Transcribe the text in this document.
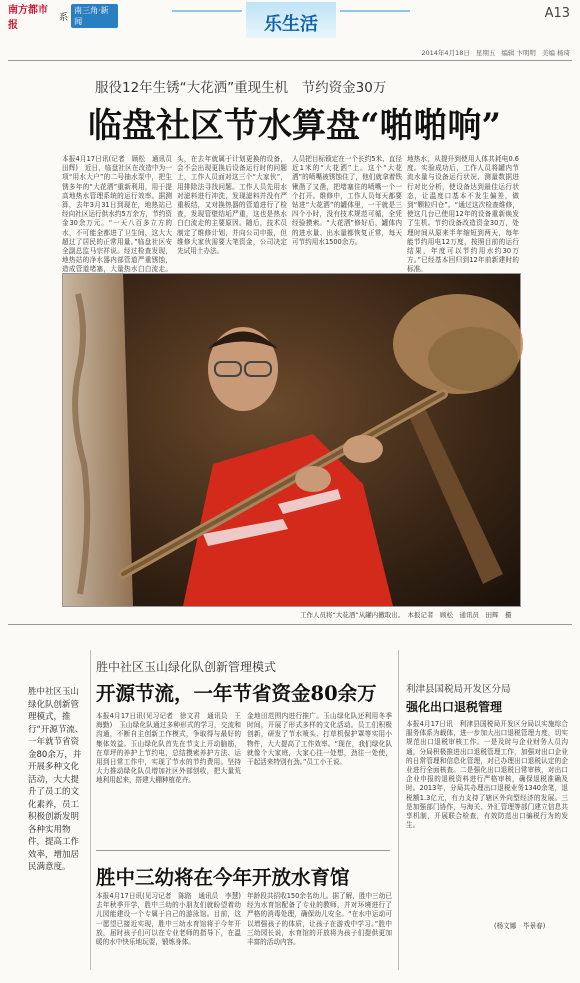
南方都市报
系
南三角·新闻	乐生活
A13
2014年4月18日 星期五 编辑 卞明明 美编 杨琦
服役12年生锈“大花洒”重现生机　节约资金30万
临盘社区节水算盘“啪啪响”
本报4月17日讯(记者　顾松　通讯员　田辉)　近日，临盘社区在改造中为一项“用水大户”的二号抽水泵中，把生锈多年的“大花洒”重新利用，用于提高地热水管理系统的运行效率。据测算，去年3月31日到现在，地热站已经向社区运行供水约5万余方，节约资金30余万元。“一天八百多立方的水，不可能全都进了卫生间，这大大超过了居民的正常用量。”临盘社区安全副总监马宗祥说。经过检查发现，地热站的净水器内部管道严重锈蚀，造成管道堵塞，大量热水白白流走。
头，在去年就属于计划更换的设备，会不会出现更换后设备运行时的问题上，工作人员面对这三个“大家伙”，用排除法寻找问题。工作人员先用水对滤料进行冲洗，发现滤料并没有严重板结，又对换热器的管道进行了检查，发现管壁结垢严重，这也是热水白白流走的主要原因。随后，技术员制定了维修计划，并向公司申报，但维修大家伙需要大笔资金，公司决定先试用土办法。
人员把目标锁定在一个长约5米、直径近1米的“大花洒”上。这个“大花洒”的喷嘴被锈蚀住了，他们就拿着铁锹凿了又凿，把堵塞住的喷嘴一个一个打开。维修中，工作人员每天都要钻进“大花洒”的罐体里，一干就是三四个小时，没有技术规范可循，全凭经验摸索。“大花洒”修好后，罐体内的进水量、出水量都恢复正常，每天可节约用水1500余方。
地热水，从提升到使用人体共耗电0.6度。实验成功后，工作人员将罐内节流水量与设备运行状况、测量数据进行对比分析，使设备达到最佳运行状态，让温度口基本不发生偏差，做到“颗粒归仓”。“通过这次检查维修，使这几台已使用12年的设备重新焕发了生机。节约设备改造资金30万，处理时间从原来半年缩短到两天，每年能节约用电12万度，按照目前的运行结果，年度可以节约用水约30万方。”已经基本回归到12年前新建时的标准。
工作人员将“大花洒”从罐内撤取出。　本报记者　顾松　通讯员　田辉　摄
胜中社区玉山绿化队创新管理模式，推行“开源节流、一年就节省资金80余万，并开展多种文化活动，大大提升了员工的文化素养，员工积极创新发明各种实用物件，提高工作效率，增加居民满意度。
胜中社区玉山绿化队创新管理模式
开源节流，一年节省资金80余万
本报4月17日讯(见习记者　徐文君　通讯员　王海勤)　玉山绿化队通过多种形式的学习，交流和沟通，不断自主创新工作模式，争取得与最好的集体效益。玉山绿化队首先在节支上开动脑筋，在草坪的养护上节约电，总结摸索养护方法、运用到日常工作中，实现了节水的节约费用。坚持大力推动绿化队员增加社区外部创收，把大量荒地利用起来，搭建大棚种植花卉。
金地田范围内进行推广。玉山绿化队还利用冬季时间，开展了形式多样的文化活动。员工们积极创新，研发了节水喷头、打草机保护罩等实用小物件，大大提高了工作效率。“现在，我们绿化队就像个大家庭，大家心往一处想，劲往一处使，干起活来特别有劲。”员工小王说。
胜中三幼将在今年开放水育馆
本报4月17日讯(见习记者　陈路　通讯员　李慧)　去年秋季开学，胜中三幼的小朋友们就盼望着幼儿园能建设一个专属于自己的游泳馆。目前，这一愿望已接近实现，胜中三幼水育馆将于今年开放，届时孩子们可以在专业老师的指导下，在温暖的水中快乐地玩耍，锻炼身体。
年龄段共招收150余名幼儿。据了解，胜中三幼已经为水育馆配备了专业的教师，并对环境进行了严格的消毒处理，确保幼儿安全。“在水中运动可以增强孩子的体质，让孩子在游戏中学习。”胜中三幼园长说，水育馆的开放将为孩子们提供更加丰富的活动内容。
利津县国税局开发区分局
强化出口退税管理
本报4月17日讯　利津县国税局开发区分局以实施综合服务体系为载体，进一步加大出口退税管理力度，切实规范出口退税审核工作。一是及时与企业财务人员沟通，分局积极推进出口退税管理工作，加强对出口企业的日常管理和信息化管理，对已办理出口退税认定的企业进行全面核查。二是强化出口退税日常审核，对出口企业申报的退税资料进行严格审核，确保退税准确及时。2013年，分局共办理出口退税业务1340余笔，退税额1.3亿元，有力支持了辖区外向型经济的发展。三是加强部门协作，与海关、外汇管理等部门建立信息共享机制，开展联合检查，有效防范出口骗税行为的发生。
(杨文娜　毕景春)
